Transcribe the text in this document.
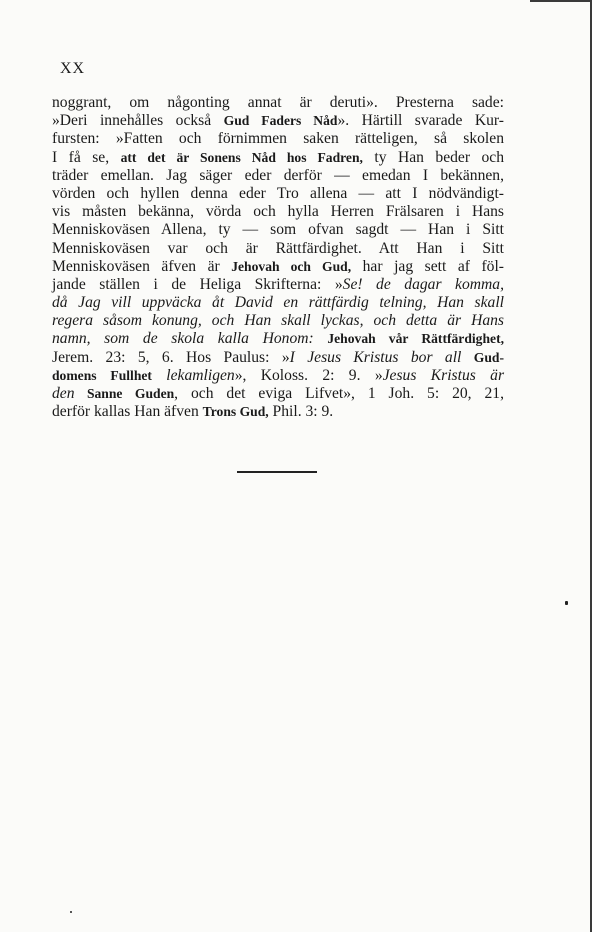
XX
noggrant, om någonting annat är deruti». Presterna sade:
»Deri innehålles också Gud Faders Nåd». Härtill svarade Kur-
fursten: »Fatten och förnimmen saken rätteligen, så skolen
I få se, att det är Sonens Nåd hos Fadren, ty Han beder och
träder emellan. Jag säger eder derför — emedan I bekännen,
vörden och hyllen denna eder Tro allena — att I nödvändigt-
vis måsten bekänna, vörda och hylla Herren Frälsaren i Hans
Menniskoväsen Allena, ty — som ofvan sagdt — Han i Sitt
Menniskoväsen var och är Rättfärdighet. Att Han i Sitt
Menniskoväsen äfven är Jehovah och Gud, har jag sett af föl-
jande ställen i de Heliga Skrifterna: »Se! de dagar komma,
då Jag vill uppväcka åt David en rättfärdig telning, Han skall
regera såsom konung, och Han skall lyckas, och detta är Hans
namn, som de skola kalla Honom: Jehovah vår Rättfärdighet,
Jerem. 23: 5, 6. Hos Paulus: »I Jesus Kristus bor all Gud-
domens Fullhet lekamligen», Koloss. 2: 9. »Jesus Kristus är
den Sanne Guden, och det eviga Lifvet», 1 Joh. 5: 20, 21,
derför kallas Han äfven Trons Gud, Phil. 3: 9.
